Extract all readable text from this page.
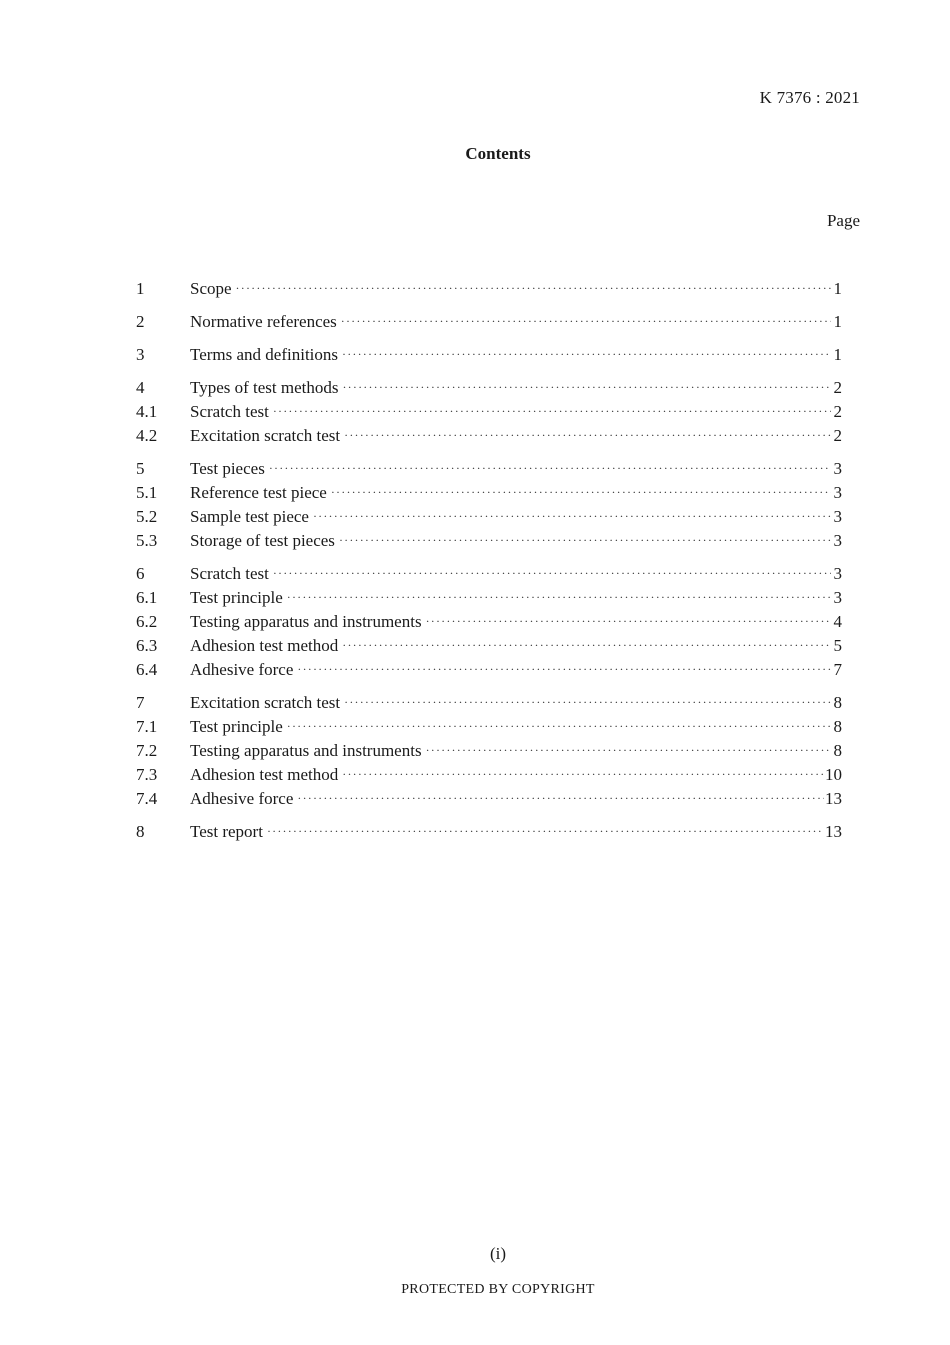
K 7376 : 2021
Contents
Page
1	Scope ·····	1
2	Normative references ·····	1
3	Terms and definitions ·····	1
4	Types of test methods ·····	2
4.1	Scratch test ·····	2
4.2	Excitation scratch test ·····	2
5	Test pieces ·····	3
5.1	Reference test piece ·····	3
5.2	Sample test piece ·····	3
5.3	Storage of test pieces ·····	3
6	Scratch test ·····	3
6.1	Test principle ·····	3
6.2	Testing apparatus and instruments ·····	4
6.3	Adhesion test method ·····	5
6.4	Adhesive force ·····	7
7	Excitation scratch test ·····	8
7.1	Test principle ·····	8
7.2	Testing apparatus and instruments ·····	8
7.3	Adhesion test method ·····	10
7.4	Adhesive force ·····	13
8	Test report ·····	13
(i)
PROTECTED BY COPYRIGHT
